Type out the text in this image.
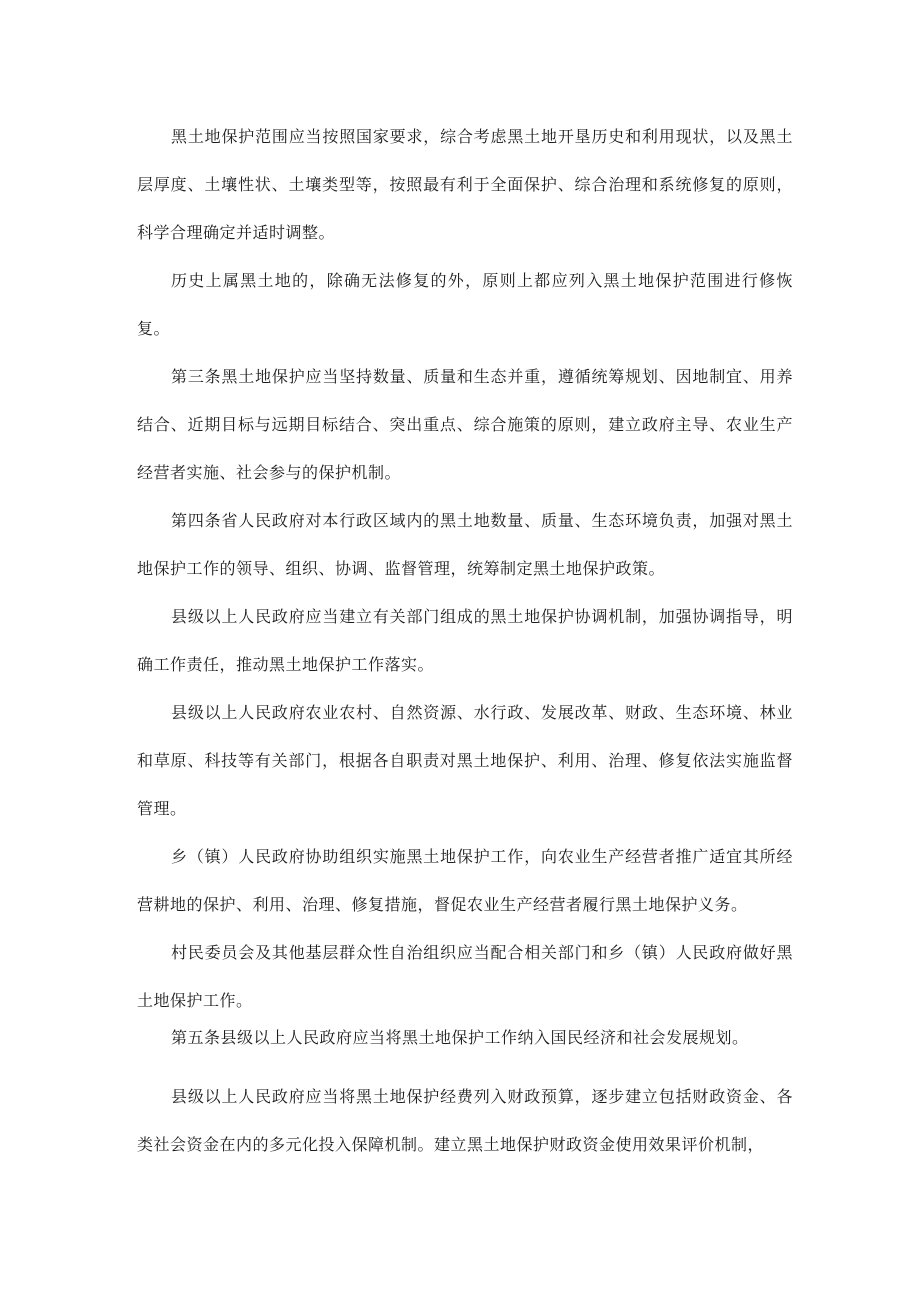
黑土地保护范围应当按照国家要求，综合考虑黑土地开垦历史和利用现状，以及黑土层厚度、土壤性状、土壤类型等，按照最有利于全面保护、综合治理和系统修复的原则，科学合理确定并适时调整。

历史上属黑土地的，除确无法修复的外，原则上都应列入黑土地保护范围进行修恢复。

第三条黑土地保护应当坚持数量、质量和生态并重，遵循统筹规划、因地制宜、用养结合、近期目标与远期目标结合、突出重点、综合施策的原则，建立政府主导、农业生产经营者实施、社会参与的保护机制。

第四条省人民政府对本行政区域内的黑土地数量、质量、生态环境负责，加强对黑土地保护工作的领导、组织、协调、监督管理，统筹制定黑土地保护政策。

县级以上人民政府应当建立有关部门组成的黑土地保护协调机制，加强协调指导，明确工作责任，推动黑土地保护工作落实。

县级以上人民政府农业农村、自然资源、水行政、发展改革、财政、生态环境、林业和草原、科技等有关部门，根据各自职责对黑土地保护、利用、治理、修复依法实施监督管理。

乡（镇）人民政府协助组织实施黑土地保护工作，向农业生产经营者推广适宜其所经营耕地的保护、利用、治理、修复措施，督促农业生产经营者履行黑土地保护义务。

村民委员会及其他基层群众性自治组织应当配合相关部门和乡（镇）人民政府做好黑土地保护工作。

第五条县级以上人民政府应当将黑土地保护工作纳入国民经济和社会发展规划。

县级以上人民政府应当将黑土地保护经费列入财政预算，逐步建立包括财政资金、各类社会资金在内的多元化投入保障机制。建立黑土地保护财政资金使用效果评价机制，
